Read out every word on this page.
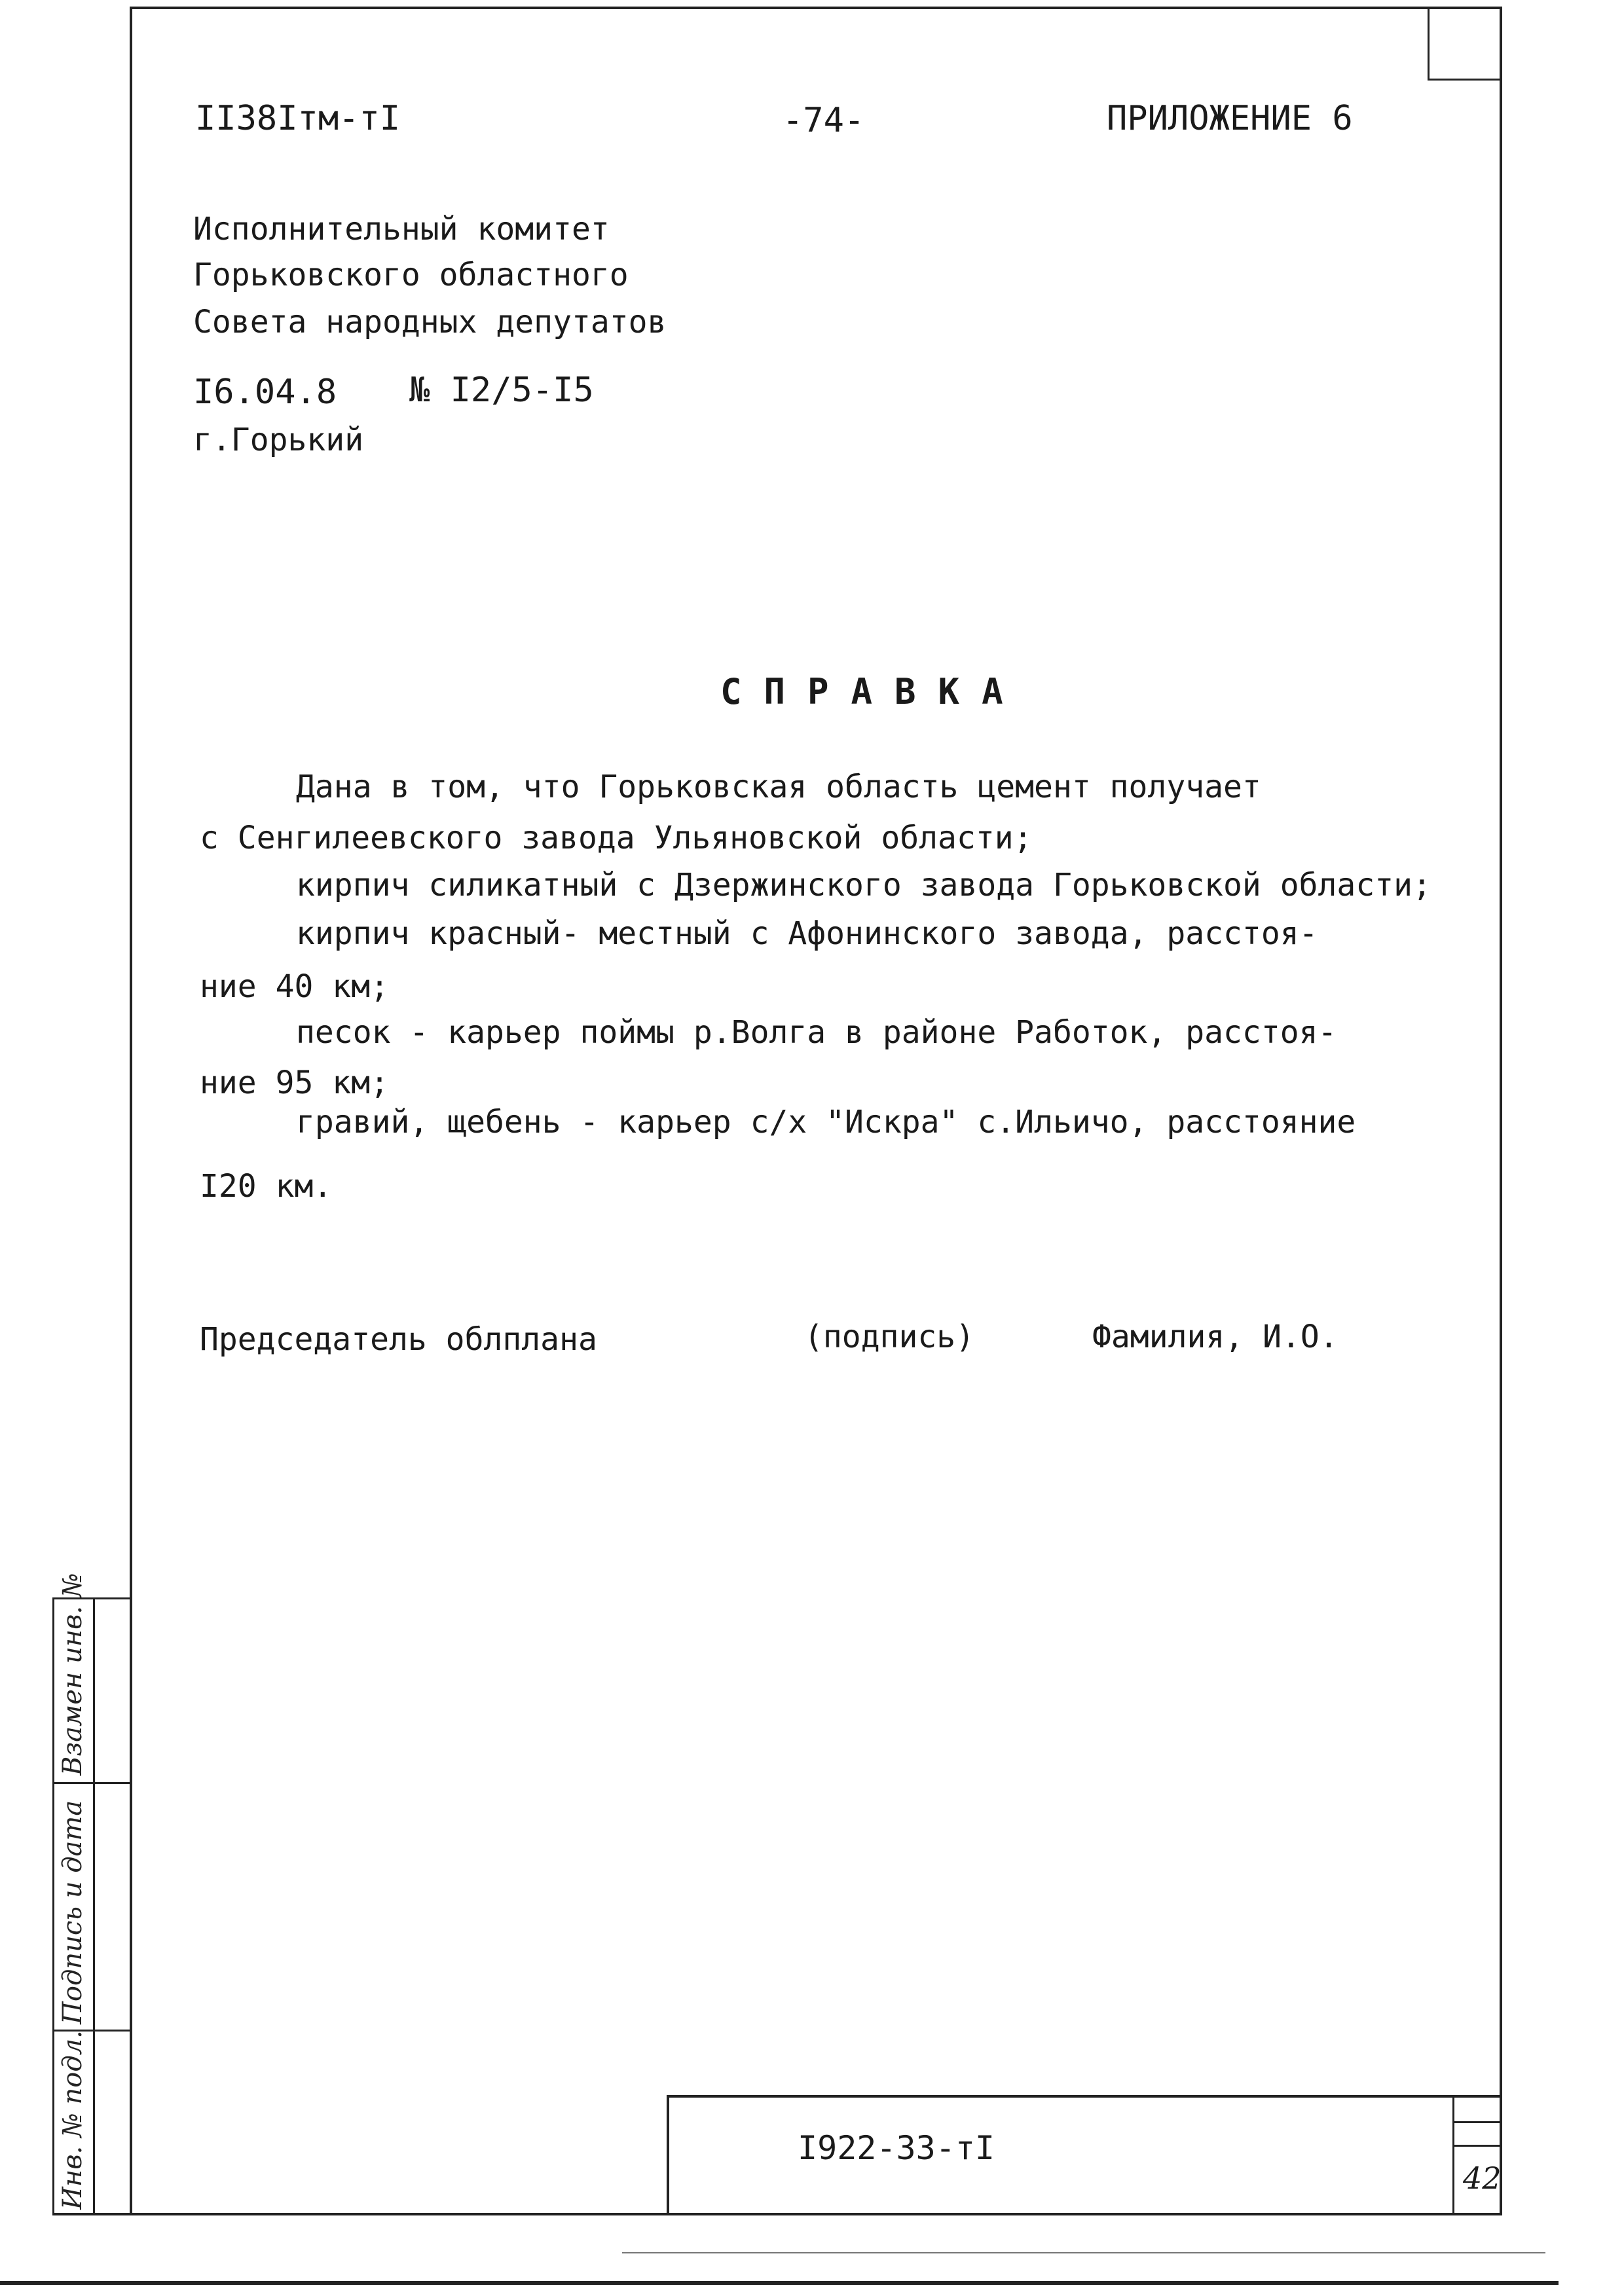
Инв. № подл.
Подпись и дата
Взамен инв. №
II38Iтм-тI	-74-	ПРИЛОЖЕНИЕ 6
Исполнительный комитет
Горьковского областного
Совета народных депутатов
I6.04.8 № I2/5-I5
г.Горький
СПРАВКА
Дана в том, что Горьковская область цемент получает
с Сенгилеевского завода Ульяновской области;
кирпич силикатный с Дзержинского завода Горьковской области;
кирпич красный- местный с Афонинского завода, расстоя-
ние 40 км;
песок - карьер поймы р.Волга в районе Работок, расстоя-
ние 95 км;
гравий, щебень - карьер с/х "Искра" с.Ильичо, расстояние
I20 км.
Председатель облплана	(подпись)	Фамилия, И.О.
I922-33-тI
42
